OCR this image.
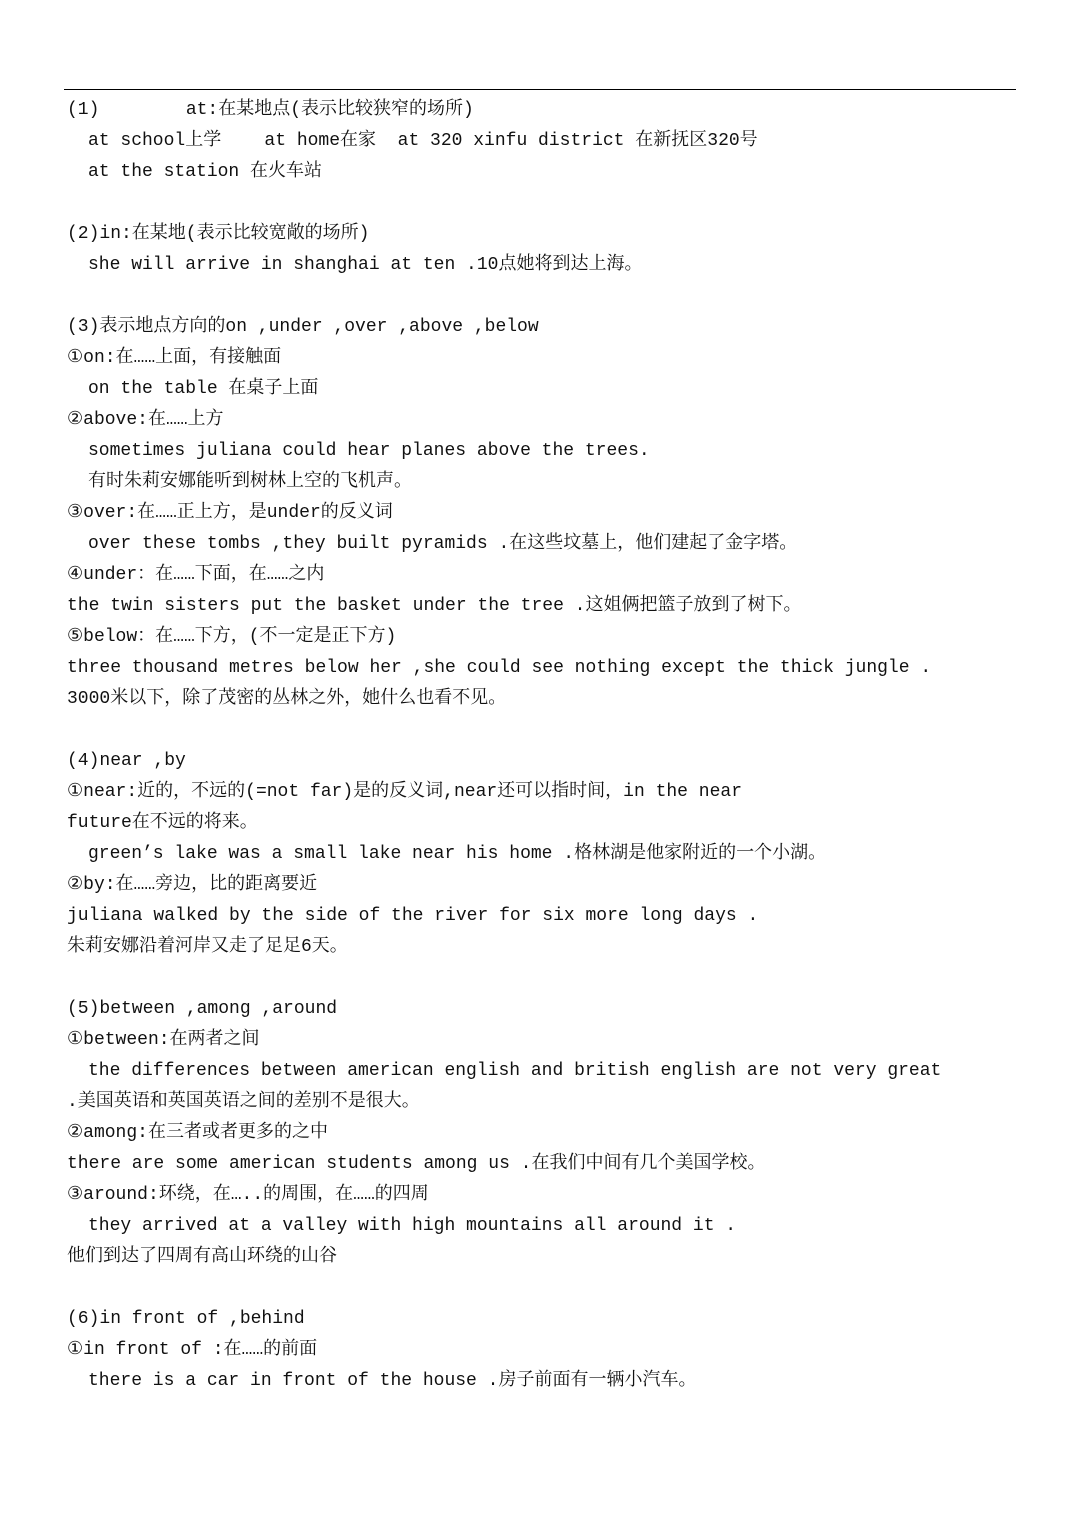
(1)        at:在某地点(表示比较狭窄的场所)
at school上学    at home在家  at 320 xinfu district 在新抚区320号
at the station 在火车站
(2)in:在某地(表示比较宽敞的场所)
she will arrive in shanghai at ten .10点她将到达上海。
(3)表示地点方向的on ,under ,over ,above ,below
①on:在……上面，有接触面
on the table 在桌子上面
②above:在……上方
sometimes juliana could hear planes above the trees.
有时朱莉安娜能听到树林上空的飞机声。
③over:在……正上方，是under的反义词
over these tombs ,they built pyramids .在这些坟墓上，他们建起了金字塔。
④under：在……下面，在……之内
the twin sisters put the basket under the tree .这姐俩把篮子放到了树下。
⑤below：在……下方，(不一定是正下方)
three thousand metres below her ,she could see nothing except the thick jungle .
3000米以下，除了茂密的丛林之外，她什么也看不见。
(4)near ,by
①near:近的，不远的(=not far)是的反义词,near还可以指时间，in the near
future在不远的将来。
green’s lake was a small lake near his home .格林湖是他家附近的一个小湖。
②by:在……旁边，比的距离要近
juliana walked by the side of the river for six more long days .
朱莉安娜沿着河岸又走了足足6天。
(5)between ,among ,around
①between:在两者之间
the differences between american english and british english are not very great
.美国英语和英国英语之间的差别不是很大。
②among:在三者或者更多的之中
there are some american students among us .在我们中间有几个美国学校。
③around:环绕，在…..的周围，在……的四周
they arrived at a valley with high mountains all around it .
他们到达了四周有高山环绕的山谷
(6)in front of ,behind
①in front of :在……的前面
there is a car in front of the house .房子前面有一辆小汽车。
